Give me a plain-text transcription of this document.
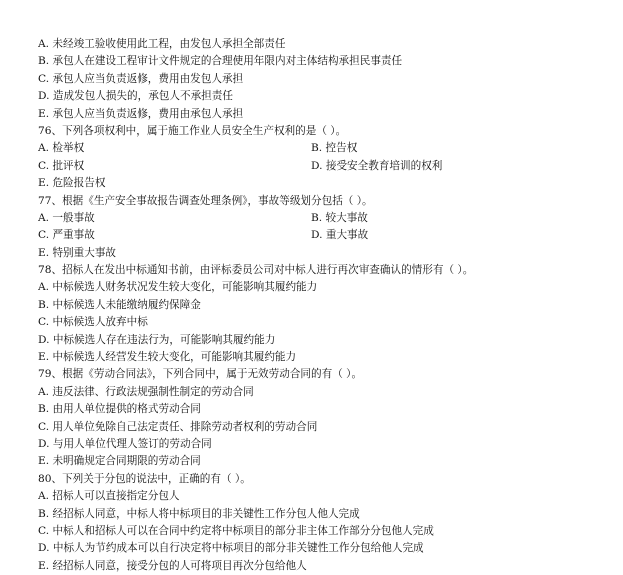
A. 未经竣工验收使用此工程，由发包人承担全部责任
B. 承包人在建设工程审计文件规定的合理使用年限内对主体结构承担民事责任
C. 承包人应当负责返修，费用由发包人承担
D. 造成发包人损失的，承包人不承担责任
E. 承包人应当负责返修，费用由承包人承担
76、下列各项权利中，属于施工作业人员安全生产权利的是（ ）。
A. 检举权	B. 控告权
C. 批评权	D. 接受安全教育培训的权利
E. 危险报告权
77、根据《生产安全事故报告调查处理条例》，事故等级划分包括（ ）。
A. 一般事故	B. 较大事故
C. 严重事故	D. 重大事故
E. 特别重大事故
78、招标人在发出中标通知书前，由评标委员公司对中标人进行再次审查确认的情形有（ ）。
A. 中标候选人财务状况发生较大变化，可能影响其履约能力
B. 中标候选人未能缴纳履约保障金
C. 中标候选人放弃中标
D. 中标候选人存在违法行为，可能影响其履约能力
E. 中标候选人经营发生较大变化，可能影响其履约能力
79、根据《劳动合同法》，下列合同中，属于无效劳动合同的有（ ）。
A. 违反法律、行政法规强制性制定的劳动合同
B. 由用人单位提供的格式劳动合同
C. 用人单位免除自己法定责任、排除劳动者权利的劳动合同
D. 与用人单位代理人签订的劳动合同
E. 未明确规定合同期限的劳动合同
80、下列关于分包的说法中，正确的有（ ）。
A. 招标人可以直接指定分包人
B. 经招标人同意，中标人将中标项目的非关键性工作分包人他人完成
C. 中标人和招标人可以在合同中约定将中标项目的部分非主体工作部分分包他人完成
D. 中标人为节约成本可以自行决定将中标项目的部分非关键性工作分包给他人完成
E. 经招标人同意，接受分包的人可将项目再次分包给他人
